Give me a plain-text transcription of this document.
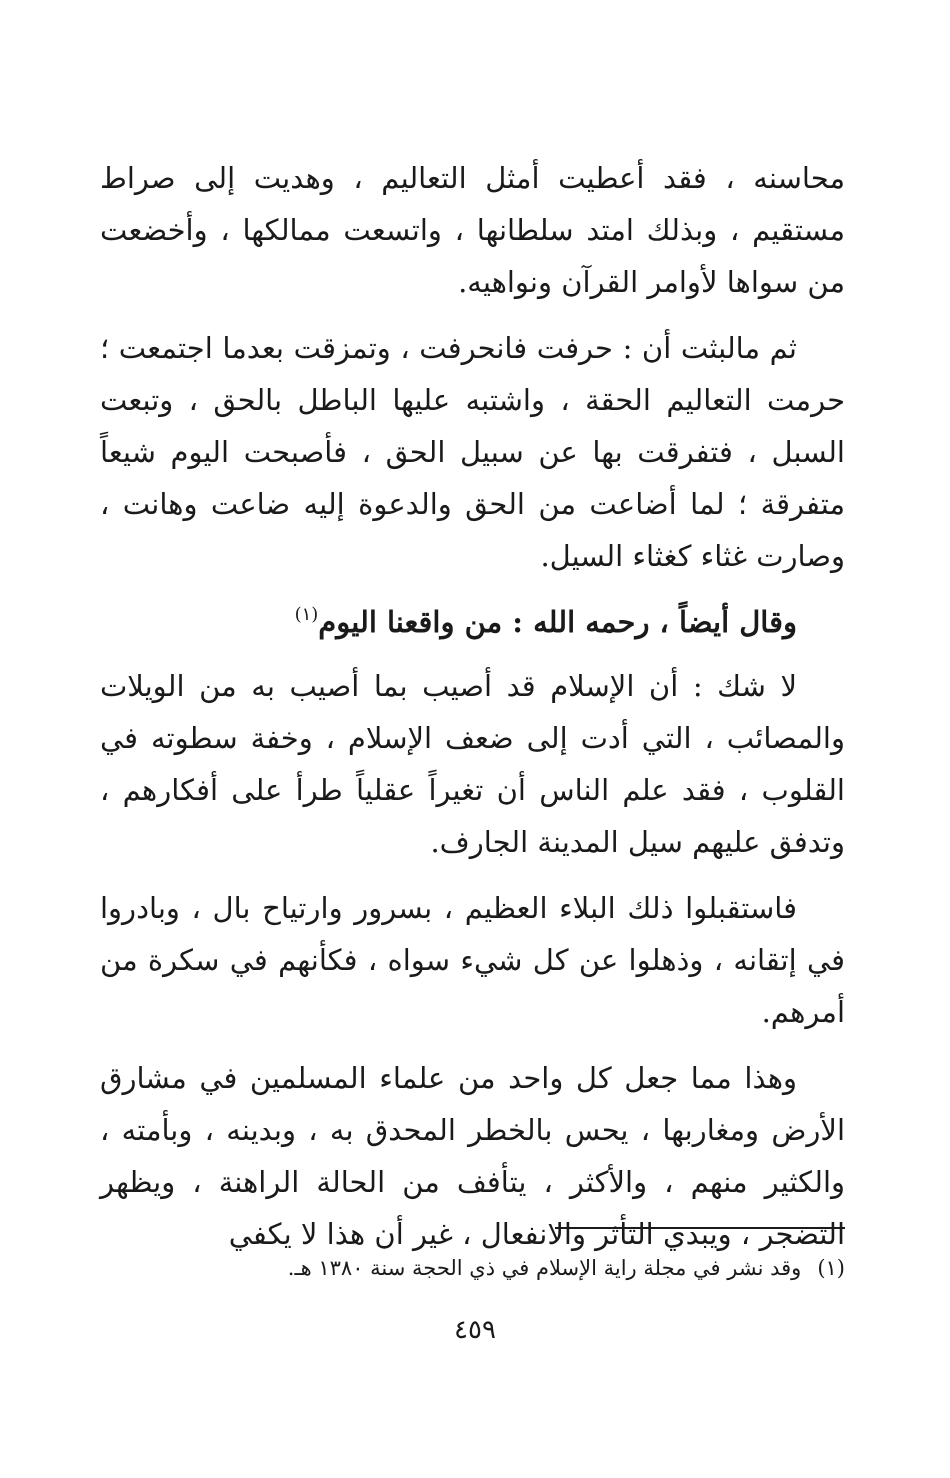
محاسنه ، فقد أعطيت أمثل التعاليم ، وهديت إلى صراط مستقيم ، وبذلك امتد سلطانها ، واتسعت ممالكها ، وأخضعت من سواها لأوامر القرآن ونواهيه.

ثم مالبثت أن : حرفت فانحرفت ، وتمزقت بعدما اجتمعت ؛ حرمت التعاليم الحقة ، واشتبه عليها الباطل بالحق ، وتبعت السبل ، فتفرقت بها عن سبيل الحق ، فأصبحت اليوم شيعاً متفرقة ؛ لما أضاعت من الحق والدعوة إليه ضاعت وهانت ، وصارت غثاء كغثاء السيل.

وقال أيضاً ، رحمه الله : من واقعنا اليوم$^{(١)}$

لا شك : أن الإسلام قد أصيب بما أصيب به من الويلات والمصائب ، التي أدت إلى ضعف الإسلام ، وخفة سطوته في القلوب ، فقد علم الناس أن تغيراً عقلياً طرأ على أفكارهم ، وتدفق عليهم سيل المدينة الجارف.

فاستقبلوا ذلك البلاء العظيم ، بسرور وارتياح بال ، وبادروا في إتقانه ، وذهلوا عن كل شيء سواه ، فكأنهم في سكرة من أمرهم.

وهذا مما جعل كل واحد من علماء المسلمين في مشارق الأرض ومغاربها ، يحس بالخطر المحدق به ، وبدينه ، وبأمته ، والكثير منهم ، والأكثر ، يتأفف من الحالة الراهنة ، ويظهر التضجر ، ويبدي التأثر والانفعال ، غير أن هذا لا يكفي

(١)وقد نشر في مجلة راية الإسلام في ذي الحجة سنة ١٣٨٠ هـ.
٤٥٩
